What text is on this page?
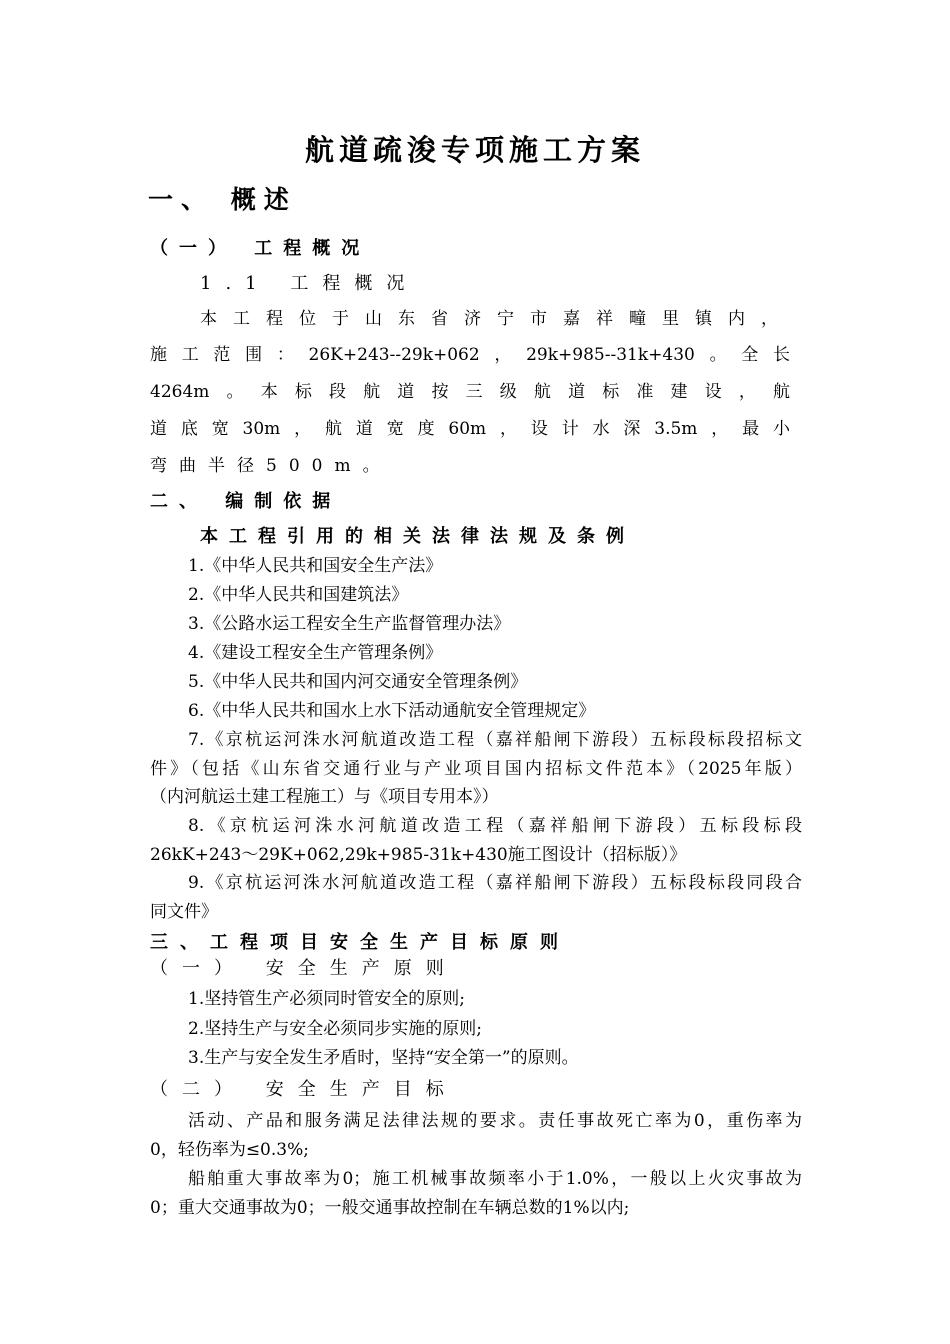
航道疏浚专项施工方案
一、 概述
（一） 工程概况
1.1 工程概况
本工程位于山东省济宁市嘉祥疃里镇内，
施工范围：26K+243--29k+062，29k+985--31k+430。全长
4264m。本标段航道按三级航道标准建设，航
道底宽30m，航道宽度60m，设计水深3.5m，最小
弯曲半径500m。
二、 编制依据
本工程引用的相关法律法规及条例
1.《中华人民共和国安全生产法》
2.《中华人民共和国建筑法》
3.《公路水运工程安全生产监督管理办法》
4.《建设工程安全生产管理条例》
5.《中华人民共和国内河交通安全管理条例》
6.《中华人民共和国水上水下活动通航安全管理规定》
7.《京杭运河洙水河航道改造工程（嘉祥船闸下游段）五标段标段招标文
件》（包括《山东省交通行业与产业项目国内招标文件范本》（2025年版）
（内河航运土建工程施工）与《项目专用本》）
8.《京杭运河洙水河航道改造工程（嘉祥船闸下游段）五标段标段
26kK+243～29K+062,29k+985-31k+430施工图设计（招标版）》
9.《京杭运河洙水河航道改造工程（嘉祥船闸下游段）五标段标段同段合
同文件》
三、工程项目安全生产目标原则
（一） 安全生产原则
1.坚持管生产必须同时管安全的原则;
2.坚持生产与安全必须同步实施的原则;
3.生产与安全发生矛盾时，坚持“安全第一”的原则。
（二） 安全生产目标
活动、产品和服务满足法律法规的要求。责任事故死亡率为0，重伤率为
0，轻伤率为≤0.3%;
船舶重大事故率为0；施工机械事故频率小于1.0%，一般以上火灾事故为
0；重大交通事故为0；一般交通事故控制在车辆总数的1%以内;
